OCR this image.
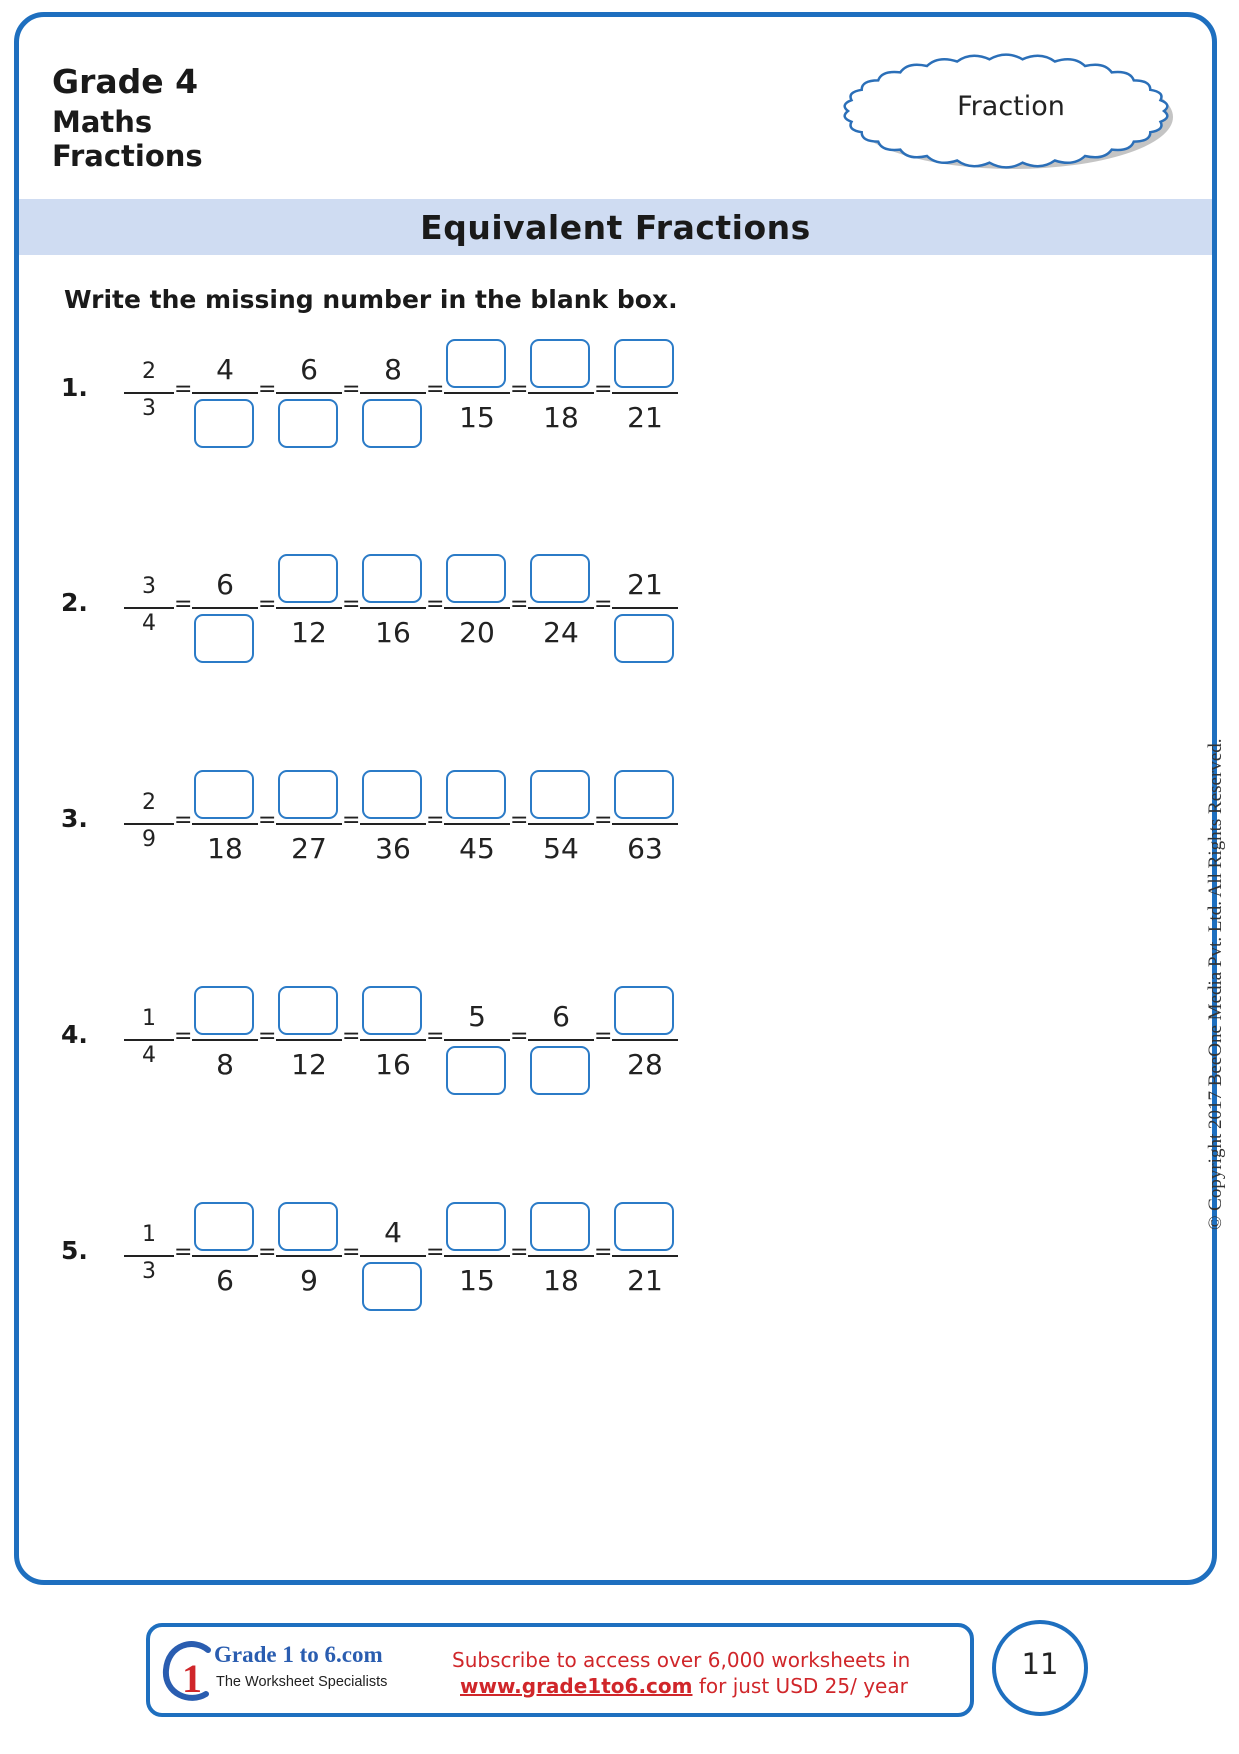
Grade 4
Maths
Fractions
Fraction
Equivalent Fractions
Write the missing number in the blank box.
1.
2
3
=
4
=
6
=
8
=
15
=
18
=
21
2.
3
4
=
6
=
12
=
16
=
20
=
24
=
21
3.
2
9
=
18
=
27
=
36
=
45
=
54
=
63
4.
1
4
=
8
=
12
=
16
=
5
=
6
=
28
5.
1
3
=
6
=
9
=
4
=
15
=
18
=
21
© Copyright 2017 BeeOne Media Pvt. Ltd. All Rights Reserved.
1
Grade 1 to 6.com
The Worksheet Specialists
Subscribe to access over 6,000 worksheets in
www.grade1to6.com for just USD 25/ year
11
